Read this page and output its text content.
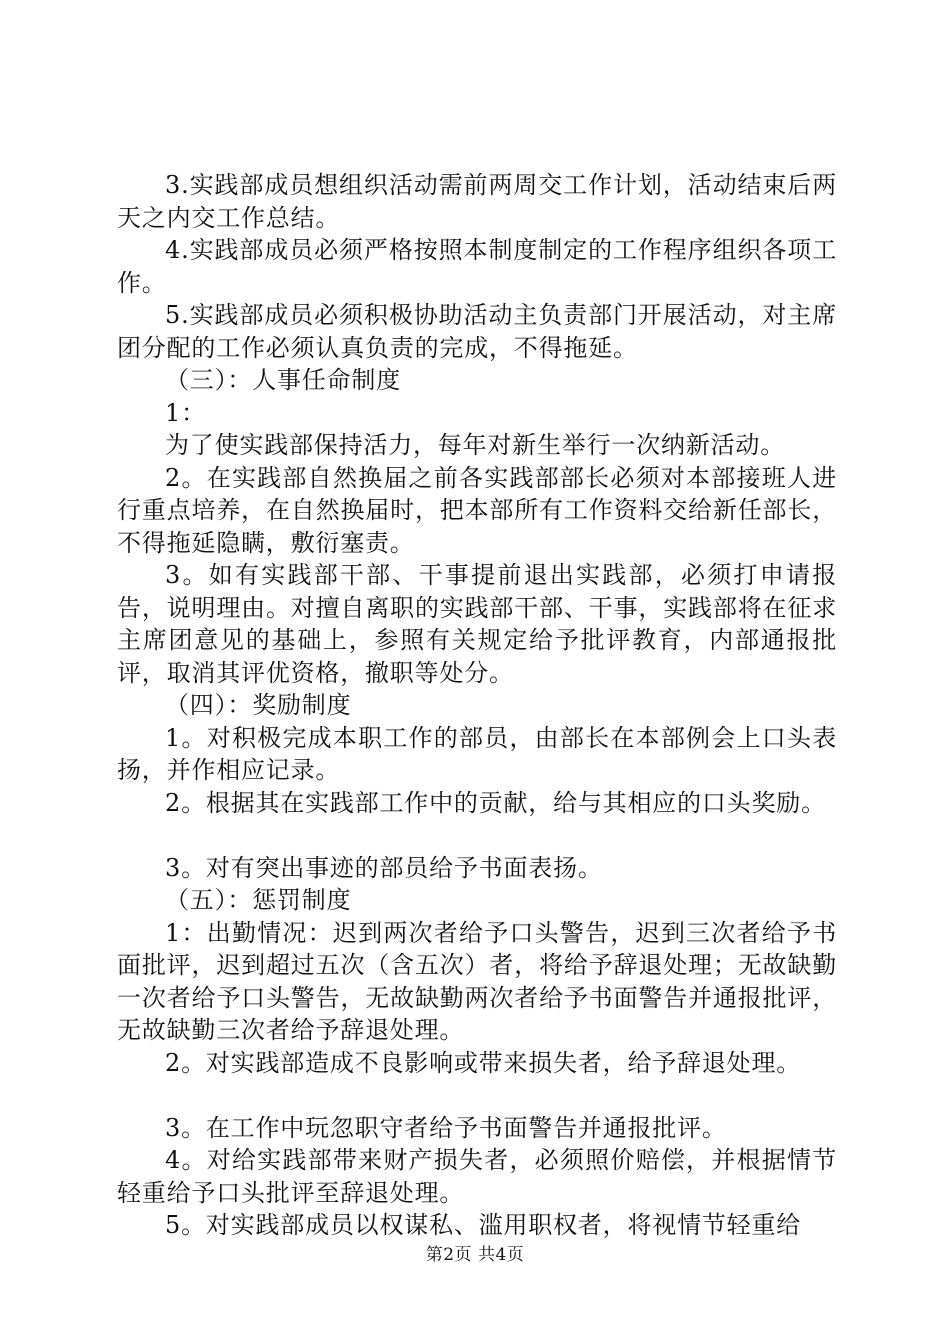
3.实践部成员想组织活动需前两周交工作计划，活动结束后两天之内交工作总结。

4.实践部成员必须严格按照本制度制定的工作程序组织各项工作。

5.实践部成员必须积极协助活动主负责部门开展活动，对主席团分配的工作必须认真负责的完成，不得拖延。

（三）：人事任命制度

1：

为了使实践部保持活力，每年对新生举行一次纳新活动。

2。在实践部自然换届之前各实践部部长必须对本部接班人进行重点培养，在自然换届时，把本部所有工作资料交给新任部长，不得拖延隐瞒，敷衍塞责。

3。如有实践部干部、干事提前退出实践部，必须打申请报告，说明理由。对擅自离职的实践部干部、干事，实践部将在征求主席团意见的基础上，参照有关规定给予批评教育，内部通报批评，取消其评优资格，撤职等处分。

（四）：奖励制度

1。对积极完成本职工作的部员，由部长在本部例会上口头表扬，并作相应记录。

2。根据其在实践部工作中的贡献，给与其相应的口头奖励。

3。对有突出事迹的部员给予书面表扬。

（五）：惩罚制度

1：出勤情况：迟到两次者给予口头警告，迟到三次者给予书面批评，迟到超过五次（含五次）者，将给予辞退处理；无故缺勤一次者给予口头警告，无故缺勤两次者给予书面警告并通报批评，无故缺勤三次者给予辞退处理。

2。对实践部造成不良影响或带来损失者，给予辞退处理。

3。在工作中玩忽职守者给予书面警告并通报批评。

4。对给实践部带来财产损失者，必须照价赔偿，并根据情节轻重给予口头批评至辞退处理。

5。对实践部成员以权谋私、滥用职权者，将视情节轻重给

第2页 共4页
